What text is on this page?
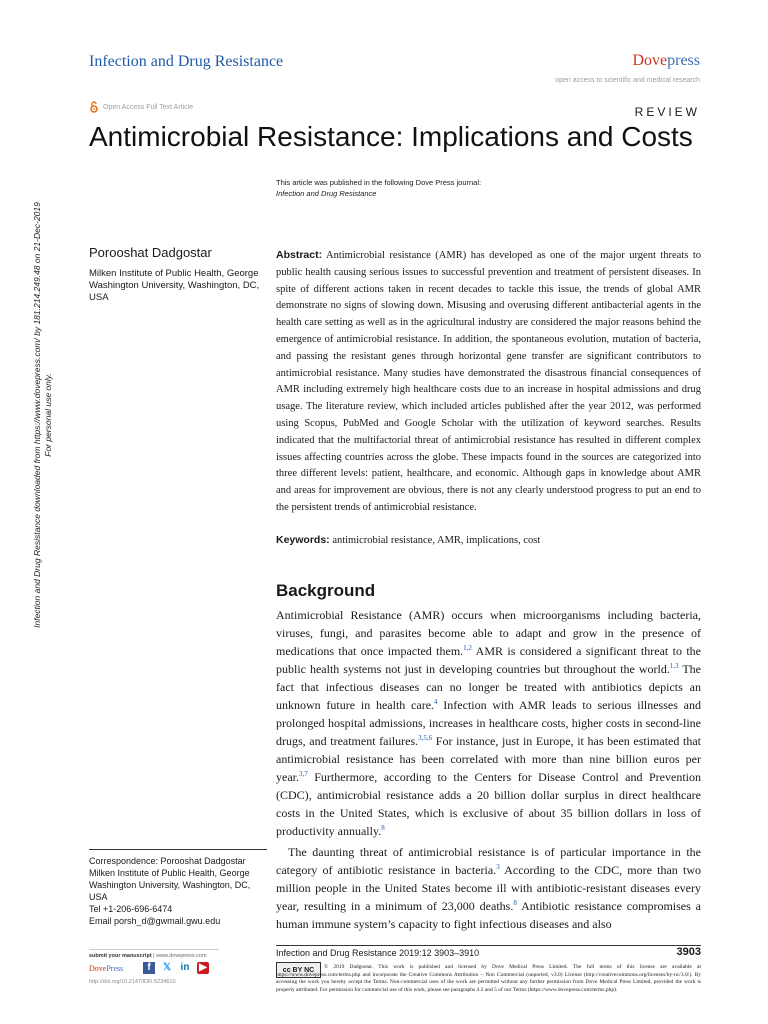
Infection and Drug Resistance	Dovepress
open access to scientific and medical research
Open Access Full Text Article	REVIEW
Antimicrobial Resistance: Implications and Costs
This article was published in the following Dove Press journal:
Infection and Drug Resistance
Porooshat Dadgostar
Milken Institute of Public Health, George Washington University, Washington, DC, USA
Infection and Drug Resistance downloaded from https://www.dovepress.com/ by 181.214.249.48 on 21-Dec-2019 For personal use only.
Correspondence: Porooshat Dadgostar
Milken Institute of Public Health, George Washington University, Washington, DC, USA
Tel +1-206-696-6474
Email porsh_d@gwmail.gwu.edu

Abstract: Antimicrobial resistance (AMR) has developed as one of the major urgent threats to public health causing serious issues to successful prevention and treatment of persistent diseases. In spite of different actions taken in recent decades to tackle this issue, the trends of global AMR demonstrate no signs of slowing down. Misusing and overusing different antibacterial agents in the health care setting as well as in the agricultural industry are considered the major reasons behind the emergence of antimicrobial resistance. In addition, the spontaneous evolution, mutation of bacteria, and passing the resistant genes through horizontal gene transfer are significant contributors to antimicrobial resistance. Many studies have demonstrated the disastrous financial consequences of AMR including extremely high healthcare costs due to an increase in hospital admissions and drug usage. The literature review, which included articles published after the year 2012, was performed using Scopus, PubMed and Google Scholar with the utilization of keyword searches. Results indicated that the multifactorial threat of antimicrobial resistance has resulted in different complex issues affecting countries across the globe. These impacts found in the sources are categorized into three different levels: patient, healthcare, and economic. Although gaps in knowledge about AMR and areas for improvement are obvious, there is not any clearly understood progress to put an end to the persistent trends of antimicrobial resistance.

Keywords: antimicrobial resistance, AMR, implications, cost

Background

Antimicrobial Resistance (AMR) occurs when microorganisms including bacteria, viruses, fungi, and parasites become able to adapt and grow in the presence of medications that once impacted them.$^{1,2}$ AMR is considered a significant threat to the public health systems not just in developing countries but throughout the world.$^{1,3}$ The fact that infectious diseases can no longer be treated with antibiotics depicts an unknown future in health care.$^4$ Infection with AMR leads to serious illnesses and prolonged hospital admissions, increases in healthcare costs, higher costs in second-line drugs, and treatment failures.$^{3,5,6}$ For instance, just in Europe, it has been estimated that antimicrobial resistance has been correlated with more than nine billion euros per year.$^{3,7}$ Furthermore, according to the Centers for Disease Control and Prevention (CDC), antimicrobial resistance adds a 20 billion dollar surplus in direct healthcare costs in the United States, which is exclusive of about 35 billion dollars in loss of productivity annually.$^8$

The daunting threat of antimicrobial resistance is of particular importance in the category of antibiotic resistance in bacteria.$^3$ According to the CDC, more than two million people in the United States become ill with antibiotic-resistant diseases every year, resulting in a minimum of 23,000 deaths.$^8$ Antibiotic resistance compromises a human immune system’s capacity to fight infectious diseases and also

submit your manuscript | www.dovepress.com
DovePress	f	𝕏 in ▶
http://doi.org/10.2147/IDR.S234610
Infection and Drug Resistance 2019:12 3903–3910	3903
cc BY NC	© 2019 Dadgostar. This work is published and licensed by Dove Medical Press Limited. The full terms of this license are available at https://www.dovepress.com/terms.php and incorporate the Creative Commons Attribution – Non Commercial (unported, v3.0) License (http://creativecommons.org/licenses/by-nc/3.0/). By accessing the work you hereby accept the Terms. Non-commercial uses of the work are permitted without any further permission from Dove Medical Press Limited, provided the work is properly attributed. For permission for commercial use of this work, please see paragraphs 4.2 and 5 of our Terms (https://www.dovepress.com/terms.php).
